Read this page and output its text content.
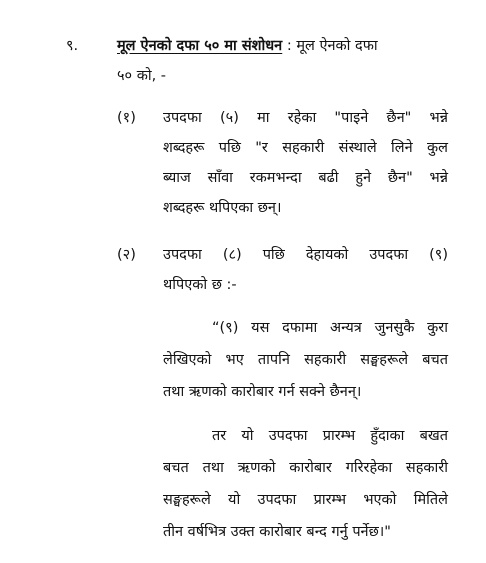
९.	मूल ऐनको दफा ५० मा संशोधन : मूल ऐनको दफा
५० को, -
(१) उपदफा (५) मा रहेका "पाइने छैन" भन्ने
शब्दहरू पछि "र सहकारी संस्थाले लिने कुल
ब्याज साँवा रकमभन्दा बढी हुने छैन" भन्ने
शब्दहरू थपिएका छन्।
(२) उपदफा (८) पछि देहायको उपदफा (९)
थपिएको छ :-
“(९) यस दफामा अन्यत्र जुनसुकै कुरा
लेखिएको भए तापनि सहकारी सङ्घहरूले बचत
तथा ऋणको कारोबार गर्न सक्ने छैनन्।
तर यो उपदफा प्रारम्भ हुँदाका बखत
बचत तथा ऋणको कारोबार गरिरहेका सहकारी
सङ्घहरूले यो उपदफा प्रारम्भ भएको मितिले
तीन वर्षभित्र उक्त कारोबार बन्द गर्नु पर्नेछ।"
